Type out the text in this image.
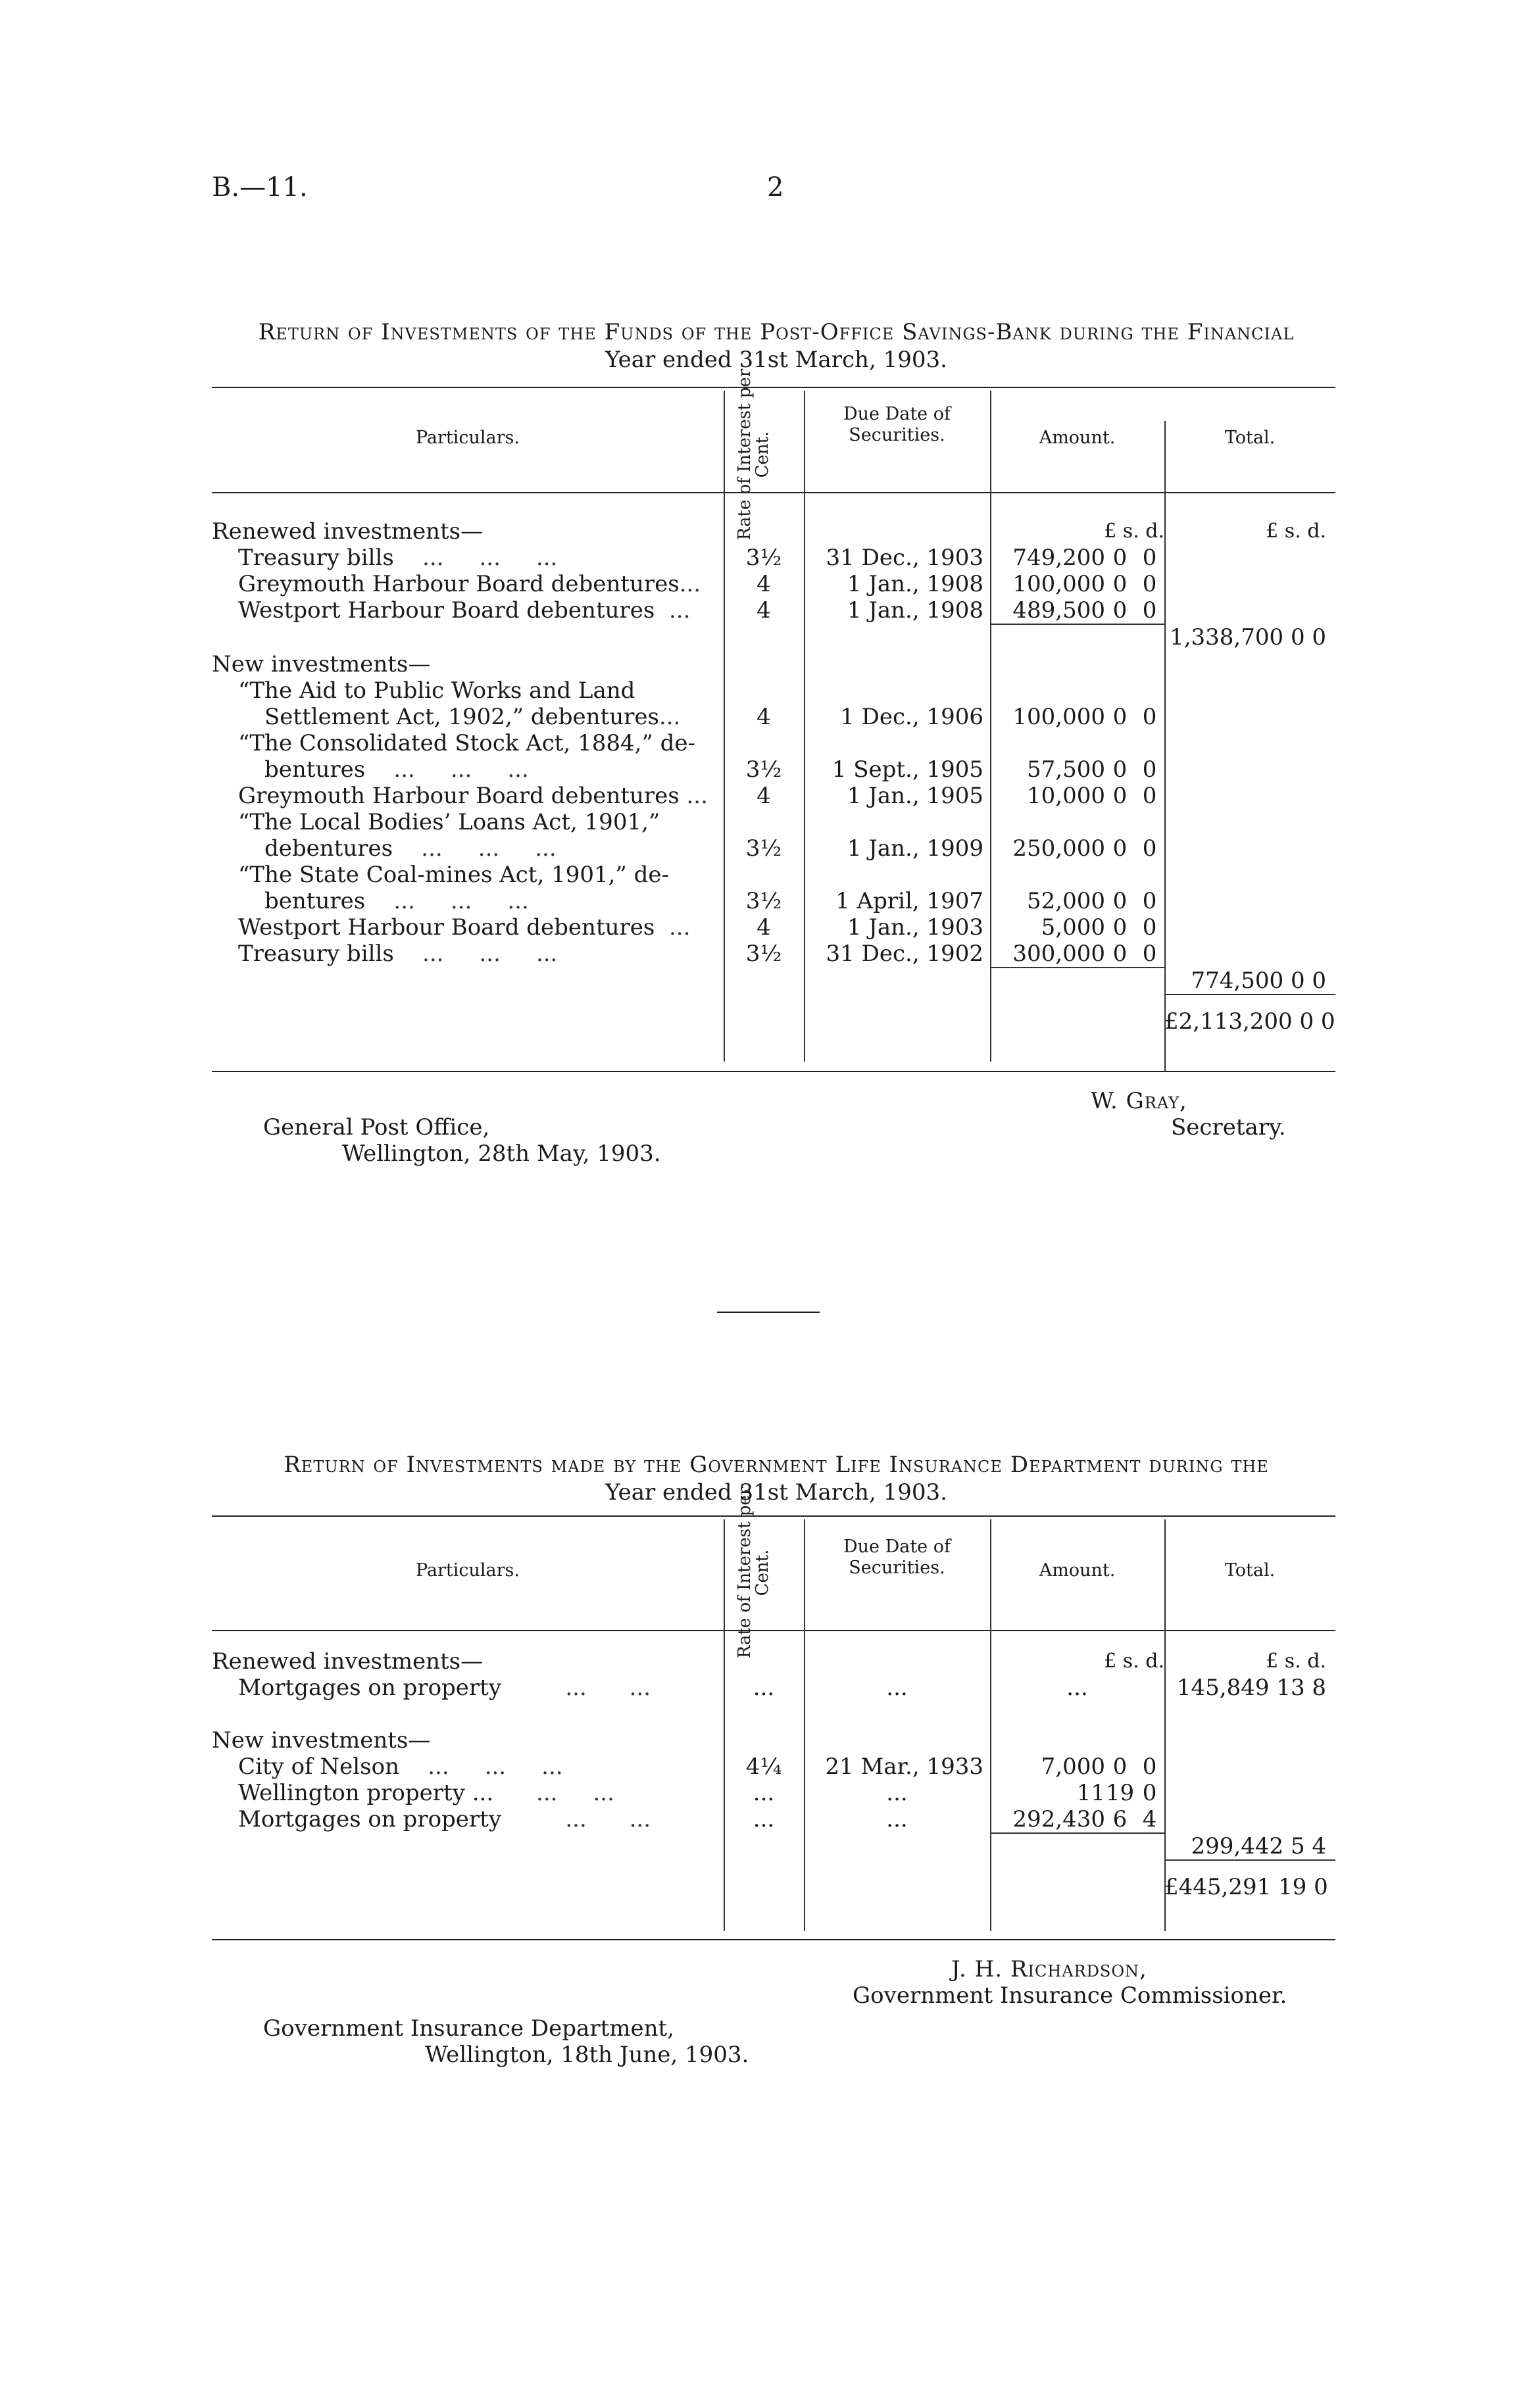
B.—11.	2
Return of Investments of the Funds of the Post-Office Savings-Bank during the Financial
Year ended 31st March, 1903.
Particulars.	Rate of Interest per Cent.
Due Date of Securities.	Amount.	Total.
Renewed investments—			£ s. d.			£ s. d.
Treasury bills    ...     ...     ...	3½	31 Dec., 1903	749,200	0	0	
Greymouth Harbour Board debentures...	4	1 Jan., 1908	100,000	0	0	
Westport Harbour Board debentures  ...	4	1 Jan., 1908	489,500	0	0	
						1,338,700 0 0
New investments—						
“The Aid to Public Works and Land						
Settlement Act, 1902,” debentures...	4	1 Dec., 1906	100,000	0	0	
“The Consolidated Stock Act, 1884,” de-						
bentures    ...     ...     ...	3½	1 Sept., 1905	57,500	0	0	
Greymouth Harbour Board debentures ...	4	1 Jan., 1905	10,000	0	0	
“The Local Bodies’ Loans Act, 1901,”						
debentures    ...     ...     ...	3½	1 Jan., 1909	250,000	0	0	
“The State Coal-mines Act, 1901,” de-						
bentures    ...     ...     ...	3½	1 April, 1907	52,000	0	0	
Westport Harbour Board debentures  ...	4	1 Jan., 1903	5,000	0	0	
Treasury bills    ...     ...     ...	3½	31 Dec., 1902	300,000	0	0	
						774,500 0 0
						£2,113,200 0 0
General Post Office,
Wellington, 28th May, 1903.
W. Gray,
Secretary.
Return of Investments made by the Government Life Insurance Department during the
Year ended 31st March, 1903.
Particulars.	Rate of Interest per Cent.
Due Date of Securities.	Amount.	Total.
Renewed investments—			£ s. d.			£ s. d.
Mortgages on property         ...      ...	...	...	...			145,849 13 8

New investments—						
City of Nelson    ...     ...     ...	4¼	21 Mar., 1933	7,000	0	0	
Wellington property ...      ...     ...	...	...	11	19	0	
Mortgages on property         ...      ...	...	...	292,430	6	4	
						299,442 5 4
						£445,291 19 0
J. H. Richardson,
Government Insurance Commissioner.
Government Insurance Department,
Wellington, 18th June, 1903.
